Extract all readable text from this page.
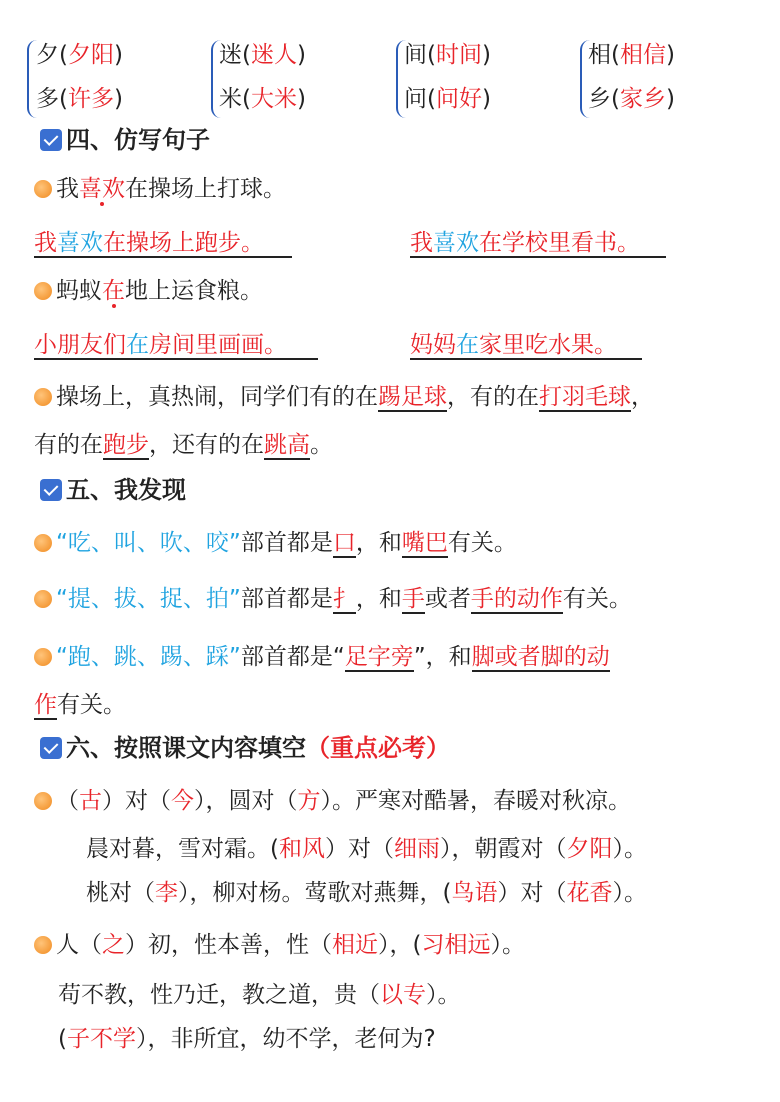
夕(夕阳)
多(许多)
迷(迷人)
米(大米)
间(时间)
问(问好)
相(相信)
乡(家乡)
四、仿写句子
我喜欢在操场上打球。
我喜欢在操场上跑步。	我喜欢在学校里看书。
蚂蚁在地上运食粮。
小朋友们在房间里画画。	妈妈在家里吃水果。
操场上，真热闹，同学们有的在踢足球，有的在打羽毛球，
有的在跑步，还有的在跳高。
五、我发现
“吃、叫、吹、咬”部首都是口，和嘴巴有关。
“提、拔、捉、拍”部首都是扌，和手或者手的动作有关。
“跑、跳、踢、踩”部首都是“足字旁”，和脚或者脚的动
作有关。
六、按照课文内容填空（重点必考）
（古）对（今），圆对（方）。严寒对酷暑，春暖对秋凉。
晨对暮，雪对霜。(和风）对（细雨），朝霞对（夕阳）。
桃对（李），柳对杨。莺歌对燕舞，(鸟语）对（花香）。
人（之）初，性本善，性（相近），(习相远）。
苟不教，性乃迁，教之道，贵（以专）。
(子不学），非所宜，幼不学，老何为?
